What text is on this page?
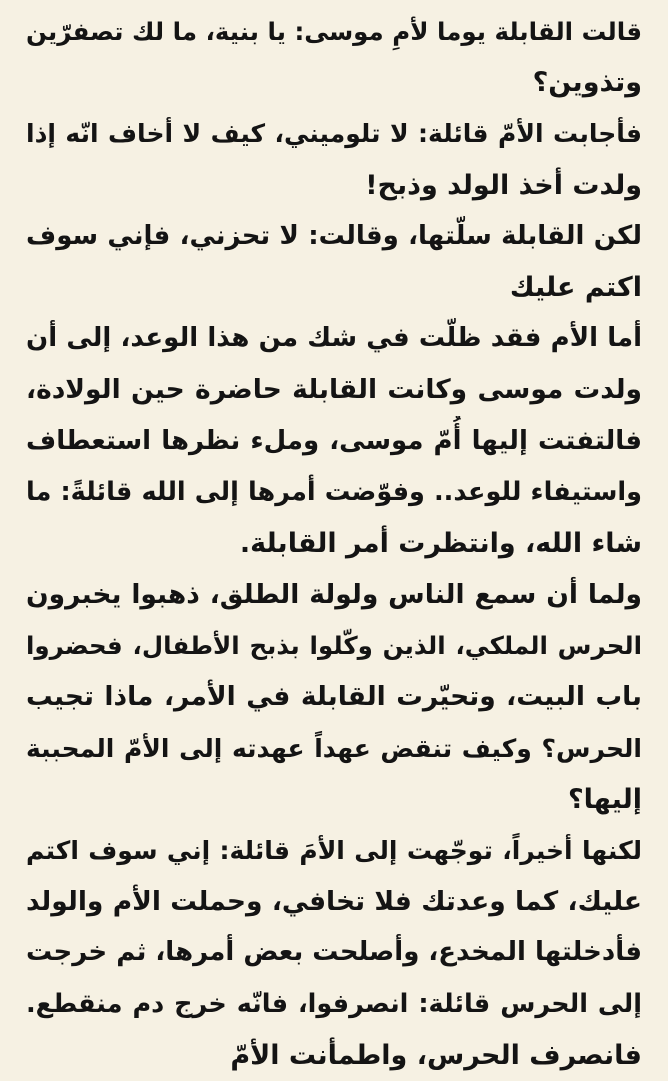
قالت القابلة يوما لأمِ موسى: يا بنية، ما لك تصفرّين
وتذوين؟
فأجابت الأمّ قائلة: لا تلوميني، كيف لا أخاف انّه إذا
ولدت أخذ الولد وذبح!
لكن القابلة سلّتها، وقالت: لا تحزني، فإني سوف
اكتم عليك
أما الأم فقد ظلّت في شك من هذا الوعد، إلى أن
ولدت موسى وكانت القابلة حاضرة حين الولادة،
فالتفتت إليها أُمّ موسى، وملء نظرها استعطاف
واستيفاء للوعد.. وفوّضت أمرها إلى الله قائلةً: ما
شاء الله، وانتظرت أمر القابلة.
ولما أن سمع الناس ولولة الطلق، ذهبوا يخبرون
الحرس الملكي، الذين وكّلوا بذبح الأطفال، فحضروا
باب البيت، وتحيّرت القابلة في الأمر، ماذا تجيب
الحرس؟ وكيف تنقض عهداً عهدته إلى الأمّ المحببة
إليها؟
لكنها أخيراً، توجّهت إلى الأمَ قائلة: إني سوف اكتم
عليك، كما وعدتك فلا تخافي، وحملت الأم والولد
فأدخلتها المخدع، وأصلحت بعض أمرها، ثم خرجت
إلى الحرس قائلة: انصرفوا، فانّه خرج دم منقطع.
فانصرف الحرس، واطمأنت الأمّ
